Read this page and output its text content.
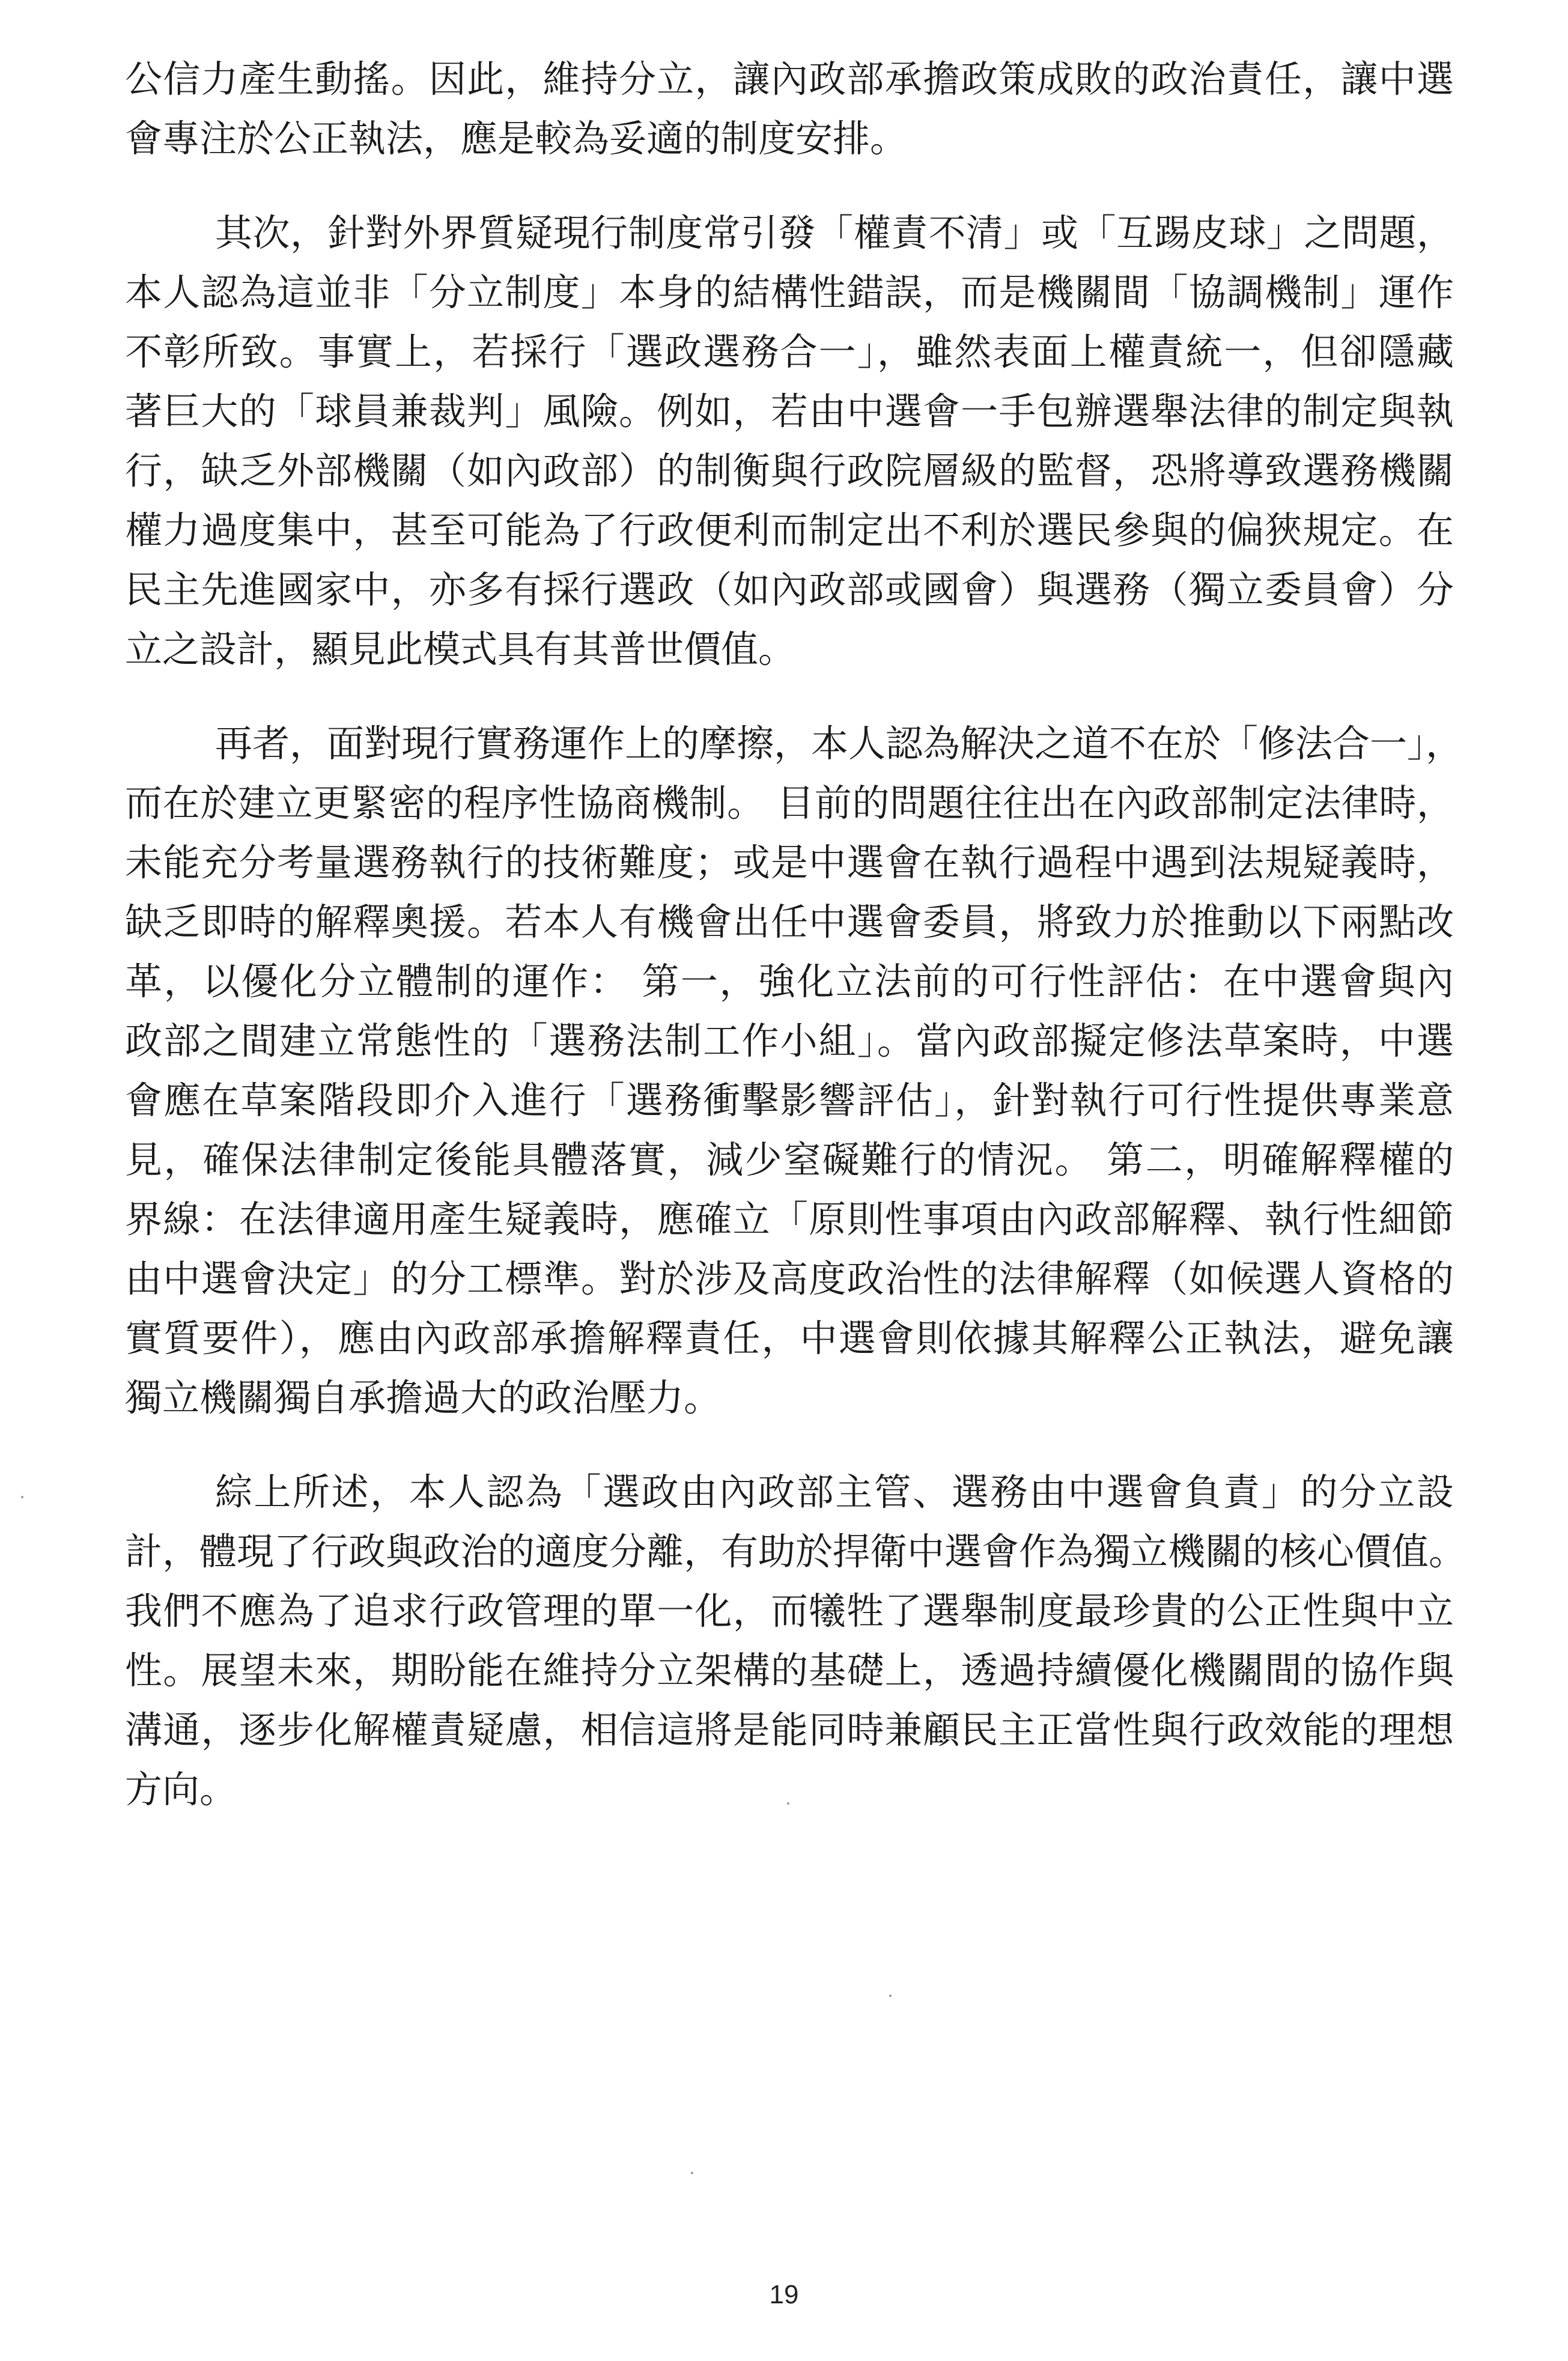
公信力產生動搖。因此，維持分立，讓內政部承擔政策成敗的政治責任，讓中選
會專注於公正執法，應是較為妥適的制度安排。
其次，針對外界質疑現行制度常引發「權責不清」或「互踢皮球」之問題，
本人認為這並非「分立制度」本身的結構性錯誤，而是機關間「協調機制」運作
不彰所致。事實上，若採行「選政選務合一」，雖然表面上權責統一，但卻隱藏
著巨大的「球員兼裁判」風險。例如，若由中選會一手包辦選舉法律的制定與執
行，缺乏外部機關（如內政部）的制衡與行政院層級的監督，恐將導致選務機關
權力過度集中，甚至可能為了行政便利而制定出不利於選民參與的偏狹規定。在
民主先進國家中，亦多有採行選政（如內政部或國會）與選務（獨立委員會）分
立之設計，顯見此模式具有其普世價值。
再者，面對現行實務運作上的摩擦，本人認為解決之道不在於「修法合一」，
而在於建立更緊密的程序性協商機制。 目前的問題往往出在內政部制定法律時，
未能充分考量選務執行的技術難度；或是中選會在執行過程中遇到法規疑義時，
缺乏即時的解釋奧援。若本人有機會出任中選會委員，將致力於推動以下兩點改
革，以優化分立體制的運作： 第一，強化立法前的可行性評估：在中選會與內
政部之間建立常態性的「選務法制工作小組」。當內政部擬定修法草案時，中選
會應在草案階段即介入進行「選務衝擊影響評估」，針對執行可行性提供專業意
見，確保法律制定後能具體落實，減少窒礙難行的情況。 第二，明確解釋權的
界線：在法律適用產生疑義時，應確立「原則性事項由內政部解釋、執行性細節
由中選會決定」的分工標準。對於涉及高度政治性的法律解釋（如候選人資格的
實質要件），應由內政部承擔解釋責任，中選會則依據其解釋公正執法，避免讓
獨立機關獨自承擔過大的政治壓力。
綜上所述，本人認為「選政由內政部主管、選務由中選會負責」的分立設
計，體現了行政與政治的適度分離，有助於捍衛中選會作為獨立機關的核心價值。
我們不應為了追求行政管理的單一化，而犧牲了選舉制度最珍貴的公正性與中立
性。展望未來，期盼能在維持分立架構的基礎上，透過持續優化機關間的協作與
溝通，逐步化解權責疑慮，相信這將是能同時兼顧民主正當性與行政效能的理想
方向。
19
